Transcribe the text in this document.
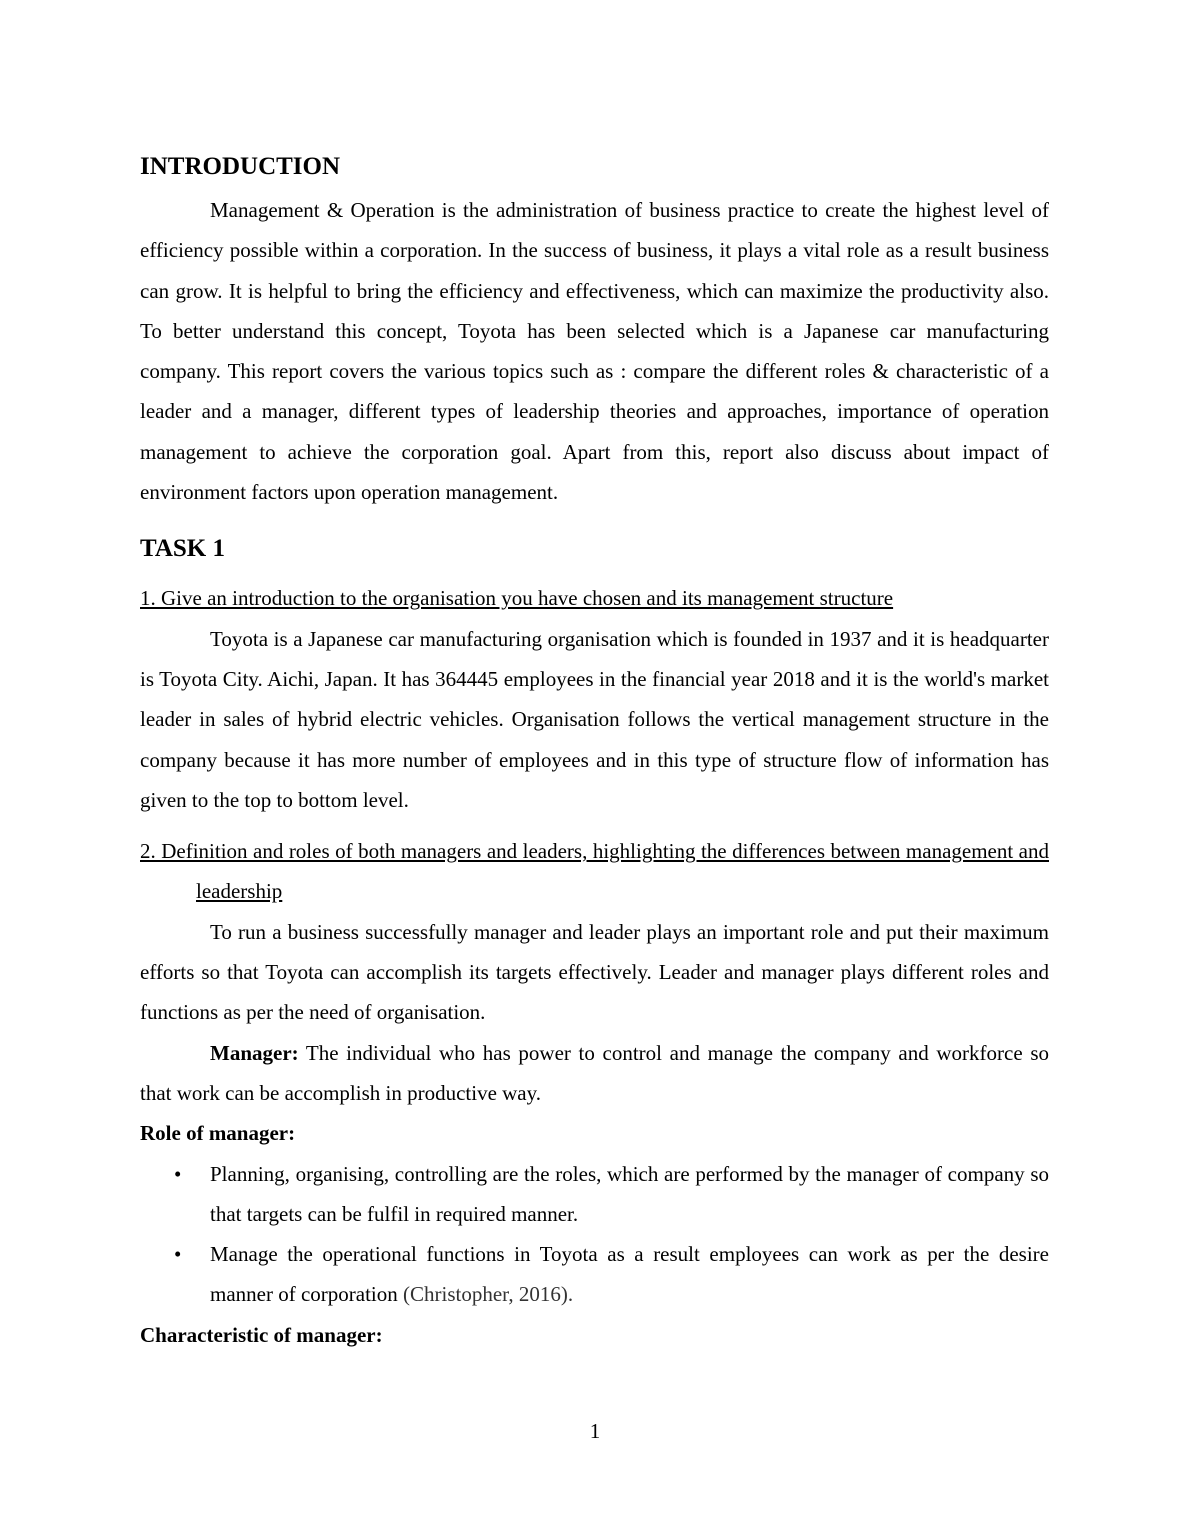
INTRODUCTION

Management & Operation is the administration of business practice to create the highest level of efficiency possible within a corporation. In the success of business, it plays a vital role as a result business can grow. It is helpful to bring the efficiency and effectiveness, which can maximize the productivity also. To better understand this concept, Toyota has been selected which is a Japanese car manufacturing company. This report covers the various topics such as : compare the different roles & characteristic of a leader and a manager, different types of leadership theories and approaches, importance of operation management to achieve the corporation goal. Apart from this, report also discuss about impact of environment factors upon operation management.

TASK 1

1. Give an introduction to the organisation you have chosen and its management structure

Toyota is a Japanese car manufacturing organisation which is founded in 1937 and it is headquarter is Toyota City. Aichi, Japan. It has 364445 employees in the financial year 2018 and it is the world's market leader in sales of hybrid electric vehicles. Organisation follows the vertical management structure in the company because it has more number of employees and in this type of structure flow of information has given to the top to bottom level.

2. Definition and roles of both managers and leaders, highlighting the differences between management and leadership

To run a business successfully manager and leader plays an important role and put their maximum efforts so that Toyota can accomplish its targets effectively. Leader and manager plays different roles and functions as per the need of organisation.

Manager: The individual who has power to control and manage the company and workforce so that work can be accomplish in productive way.

Role of manager:

• Planning, organising, controlling are the roles, which are performed by the manager of company so that targets can be fulfil in required manner.
• Manage the operational functions in Toyota as a result employees can work as per the desire manner of corporation (Christopher, 2016).

Characteristic of manager:

1
